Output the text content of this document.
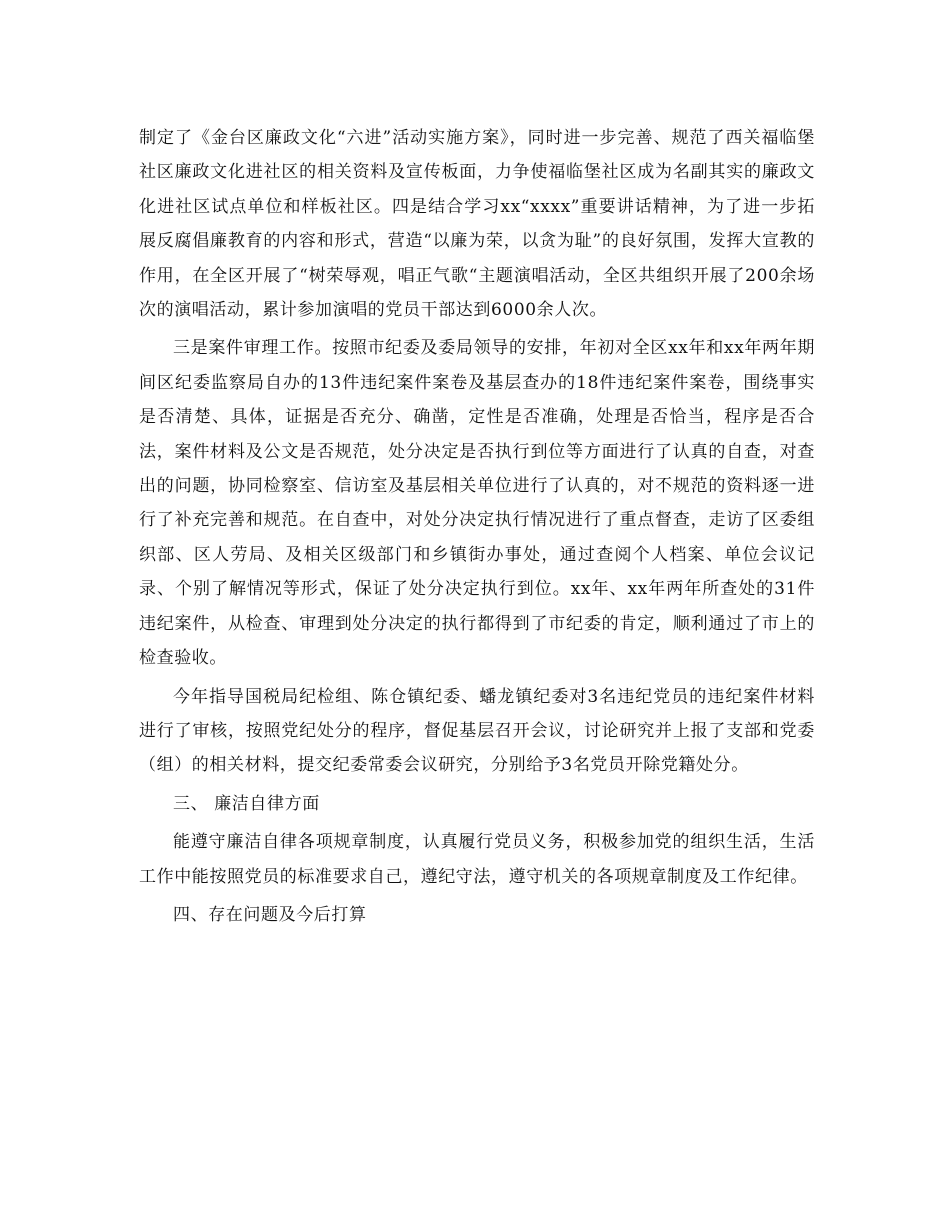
制定了《金台区廉政文化“六进”活动实施方案》，同时进一步完善、规范了西关福临堡社区廉政文化进社区的相关资料及宣传板面，力争使福临堡社区成为名副其实的廉政文化进社区试点单位和样板社区。四是结合学习xx“xxxx”重要讲话精神，为了进一步拓展反腐倡廉教育的内容和形式，营造“以廉为荣，以贪为耻”的良好氛围，发挥大宣教的作用，在全区开展了“树荣辱观，唱正气歌“主题演唱活动，全区共组织开展了200余场次的演唱活动，累计参加演唱的党员干部达到6000余人次。

三是案件审理工作。按照市纪委及委局领导的安排，年初对全区xx年和xx年两年期间区纪委监察局自办的13件违纪案件案卷及基层查办的18件违纪案件案卷，围绕事实是否清楚、具体，证据是否充分、确凿，定性是否准确，处理是否恰当，程序是否合法，案件材料及公文是否规范，处分决定是否执行到位等方面进行了认真的自查，对查出的问题，协同检察室、信访室及基层相关单位进行了认真的，对不规范的资料逐一进行了补充完善和规范。在自查中，对处分决定执行情况进行了重点督查，走访了区委组织部、区人劳局、及相关区级部门和乡镇街办事处，通过查阅个人档案、单位会议记录、个别了解情况等形式，保证了处分决定执行到位。xx年、xx年两年所查处的31件违纪案件，从检查、审理到处分决定的执行都得到了市纪委的肯定，顺利通过了市上的检查验收。

今年指导国税局纪检组、陈仓镇纪委、蟠龙镇纪委对3名违纪党员的违纪案件材料进行了审核，按照党纪处分的程序，督促基层召开会议，讨论研究并上报了支部和党委（组）的相关材料，提交纪委常委会议研究，分别给予3名党员开除党籍处分。

三、 廉洁自律方面

能遵守廉洁自律各项规章制度，认真履行党员义务，积极参加党的组织生活，生活工作中能按照党员的标准要求自己，遵纪守法，遵守机关的各项规章制度及工作纪律。

四、存在问题及今后打算
